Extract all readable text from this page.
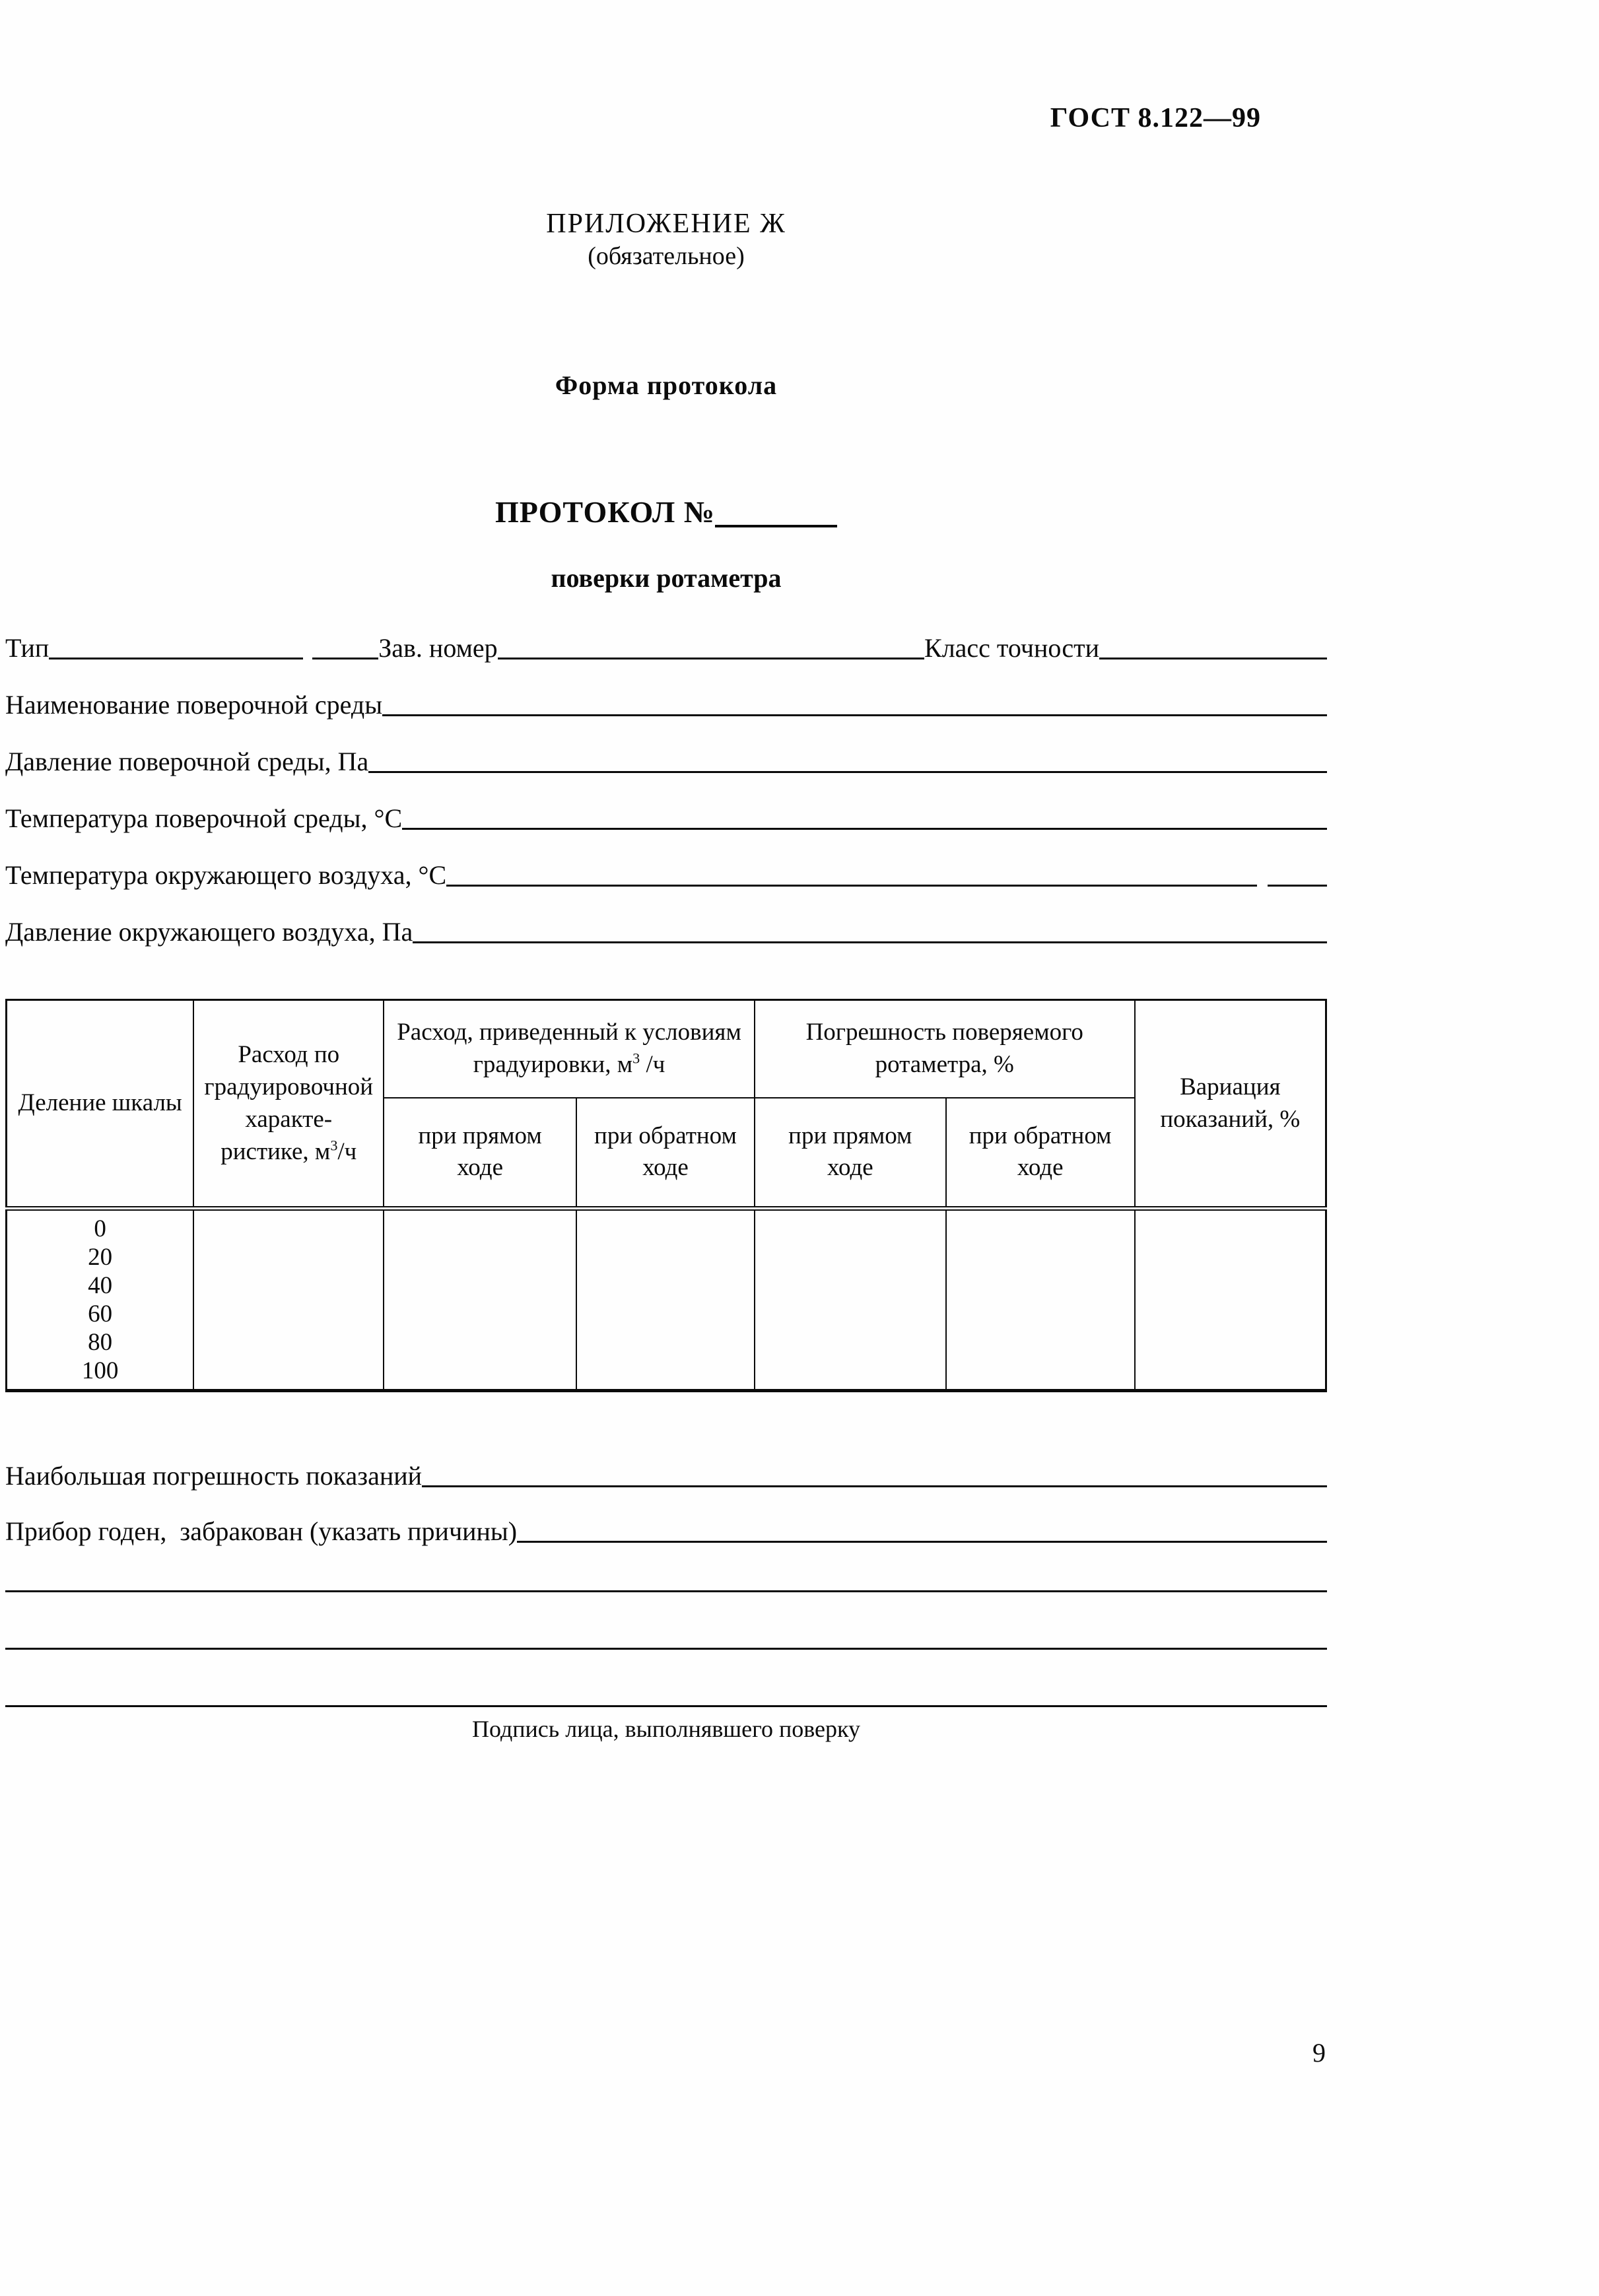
ГОСТ 8.122—99
ПРИЛОЖЕНИЕ Ж
(обязательное)
Форма протокола
ПРОТОКОЛ №
поверки ротаметра
Тип	Зав. номер	Класс точности
Наименование поверочной среды
Давление поверочной среды, Па
Температура поверочной среды, °С
Температура окружающего воздуха, °С
Давление окружающего воздуха, Па
Деление шкалы	Расход по градуировочной характе-ристике, $м^3/ч$	Расход, приведенный к условиям градуировки, $м^3$ /ч		Погрешность поверяемого ротаметра, %		Вариация показаний, %
		при прямом ходе	при обратном ходе	при прямом ходе	при обратном ходе	

0
20
40
60
80
100

Наибольшая погрешность показаний
Прибор годен,  забракован (указать причины)
Подпись лица, выполнявшего поверку
9
